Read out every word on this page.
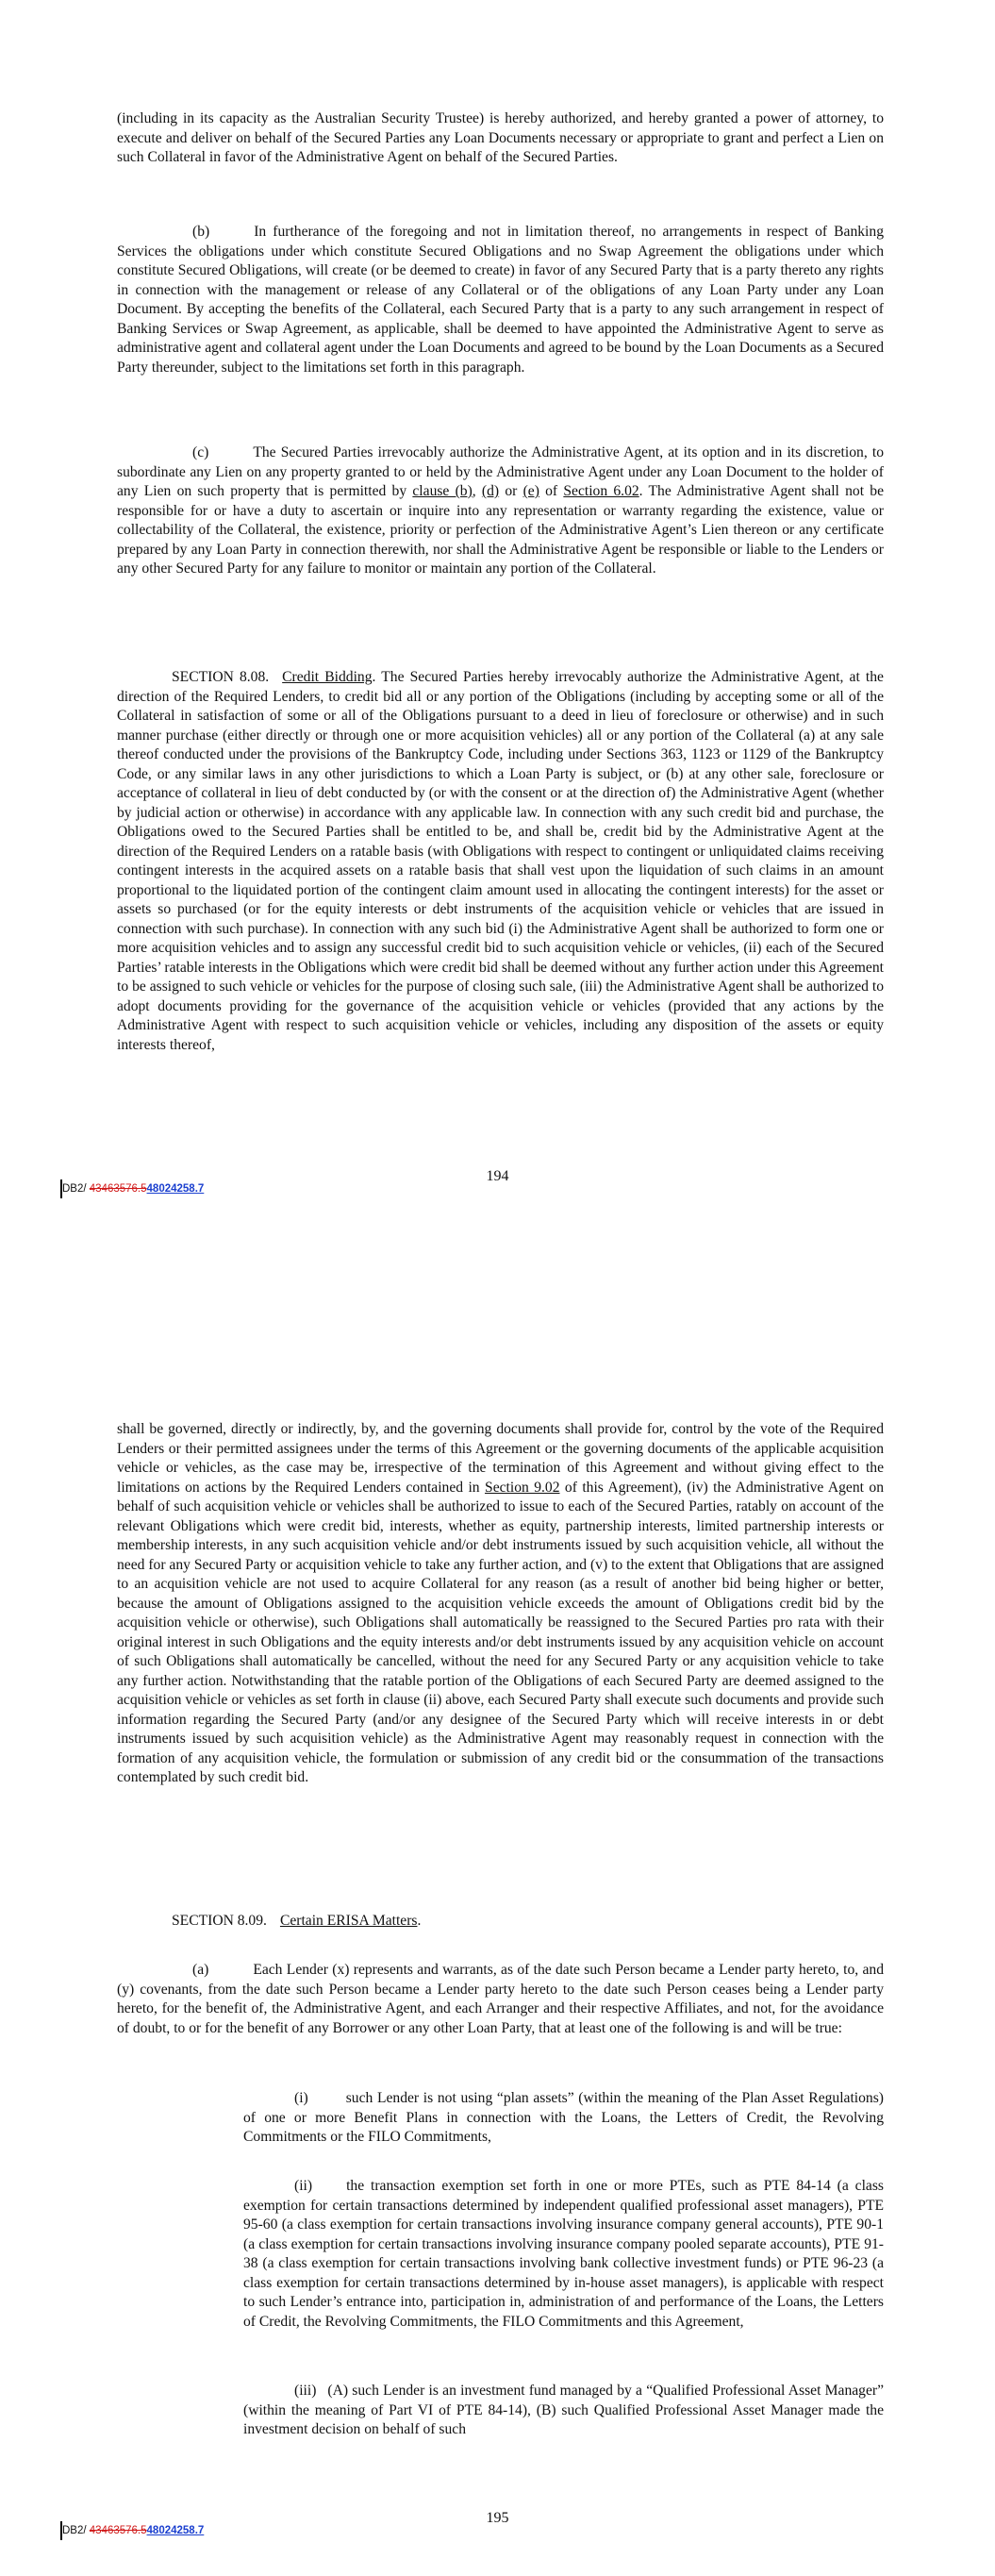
(including in its capacity as the Australian Security Trustee) is hereby authorized, and hereby granted a power of attorney, to execute and deliver on behalf of the Secured Parties any Loan Documents necessary or appropriate to grant and perfect a Lien on such Collateral in favor of the Administrative Agent on behalf of the Secured Parties.

(b)	In furtherance of the foregoing and not in limitation thereof, no arrangements in respect of Banking Services the obligations under which constitute Secured Obligations and no Swap Agreement the obligations under which constitute Secured Obligations, will create (or be deemed to create) in favor of any Secured Party that is a party thereto any rights in connection with the management or release of any Collateral or of the obligations of any Loan Party under any Loan Document. By accepting the benefits of the Collateral, each Secured Party that is a party to any such arrangement in respect of Banking Services or Swap Agreement, as applicable, shall be deemed to have appointed the Administrative Agent to serve as administrative agent and collateral agent under the Loan Documents and agreed to be bound by the Loan Documents as a Secured Party thereunder, subject to the limitations set forth in this paragraph.

(c)	The Secured Parties irrevocably authorize the Administrative Agent, at its option and in its discretion, to subordinate any Lien on any property granted to or held by the Administrative Agent under any Loan Document to the holder of any Lien on such property that is permitted by clause (b), (d) or (e) of Section 6.02. The Administrative Agent shall not be responsible for or have a duty to ascertain or inquire into any representation or warranty regarding the existence, value or collectability of the Collateral, the existence, priority or perfection of the Administrative Agent’s Lien thereon or any certificate prepared by any Loan Party in connection therewith, nor shall the Administrative Agent be responsible or liable to the Lenders or any other Secured Party for any failure to monitor or maintain any portion of the Collateral.

SECTION 8.08. Credit Bidding. The Secured Parties hereby irrevocably authorize the Administrative Agent, at the direction of the Required Lenders, to credit bid all or any portion of the Obligations (including by accepting some or all of the Collateral in satisfaction of some or all of the Obligations pursuant to a deed in lieu of foreclosure or otherwise) and in such manner purchase (either directly or through one or more acquisition vehicles) all or any portion of the Collateral (a) at any sale thereof conducted under the provisions of the Bankruptcy Code, including under Sections 363, 1123 or 1129 of the Bankruptcy Code, or any similar laws in any other jurisdictions to which a Loan Party is subject, or (b) at any other sale, foreclosure or acceptance of collateral in lieu of debt conducted by (or with the consent or at the direction of) the Administrative Agent (whether by judicial action or otherwise) in accordance with any applicable law. In connection with any such credit bid and purchase, the Obligations owed to the Secured Parties shall be entitled to be, and shall be, credit bid by the Administrative Agent at the direction of the Required Lenders on a ratable basis (with Obligations with respect to contingent or unliquidated claims receiving contingent interests in the acquired assets on a ratable basis that shall vest upon the liquidation of such claims in an amount proportional to the liquidated portion of the contingent claim amount used in allocating the contingent interests) for the asset or assets so purchased (or for the equity interests or debt instruments of the acquisition vehicle or vehicles that are issued in connection with such purchase). In connection with any such bid (i) the Administrative Agent shall be authorized to form one or more acquisition vehicles and to assign any successful credit bid to such acquisition vehicle or vehicles, (ii) each of the Secured Parties’ ratable interests in the Obligations which were credit bid shall be deemed without any further action under this Agreement to be assigned to such vehicle or vehicles for the purpose of closing such sale, (iii) the Administrative Agent shall be authorized to adopt documents providing for the governance of the acquisition vehicle or vehicles (provided that any actions by the Administrative Agent with respect to such acquisition vehicle or vehicles, including any disposition of the assets or equity interests thereof,

194
DB2/ 43463576.548024258.7

shall be governed, directly or indirectly, by, and the governing documents shall provide for, control by the vote of the Required Lenders or their permitted assignees under the terms of this Agreement or the governing documents of the applicable acquisition vehicle or vehicles, as the case may be, irrespective of the termination of this Agreement and without giving effect to the limitations on actions by the Required Lenders contained in Section 9.02 of this Agreement), (iv) the Administrative Agent on behalf of such acquisition vehicle or vehicles shall be authorized to issue to each of the Secured Parties, ratably on account of the relevant Obligations which were credit bid, interests, whether as equity, partnership interests, limited partnership interests or membership interests, in any such acquisition vehicle and/or debt instruments issued by such acquisition vehicle, all without the need for any Secured Party or acquisition vehicle to take any further action, and (v) to the extent that Obligations that are assigned to an acquisition vehicle are not used to acquire Collateral for any reason (as a result of another bid being higher or better, because the amount of Obligations assigned to the acquisition vehicle exceeds the amount of Obligations credit bid by the acquisition vehicle or otherwise), such Obligations shall automatically be reassigned to the Secured Parties pro rata with their original interest in such Obligations and the equity interests and/or debt instruments issued by any acquisition vehicle on account of such Obligations shall automatically be cancelled, without the need for any Secured Party or any acquisition vehicle to take any further action. Notwithstanding that the ratable portion of the Obligations of each Secured Party are deemed assigned to the acquisition vehicle or vehicles as set forth in clause (ii) above, each Secured Party shall execute such documents and provide such information regarding the Secured Party (and/or any designee of the Secured Party which will receive interests in or debt instruments issued by such acquisition vehicle) as the Administrative Agent may reasonably request in connection with the formation of any acquisition vehicle, the formulation or submission of any credit bid or the consummation of the transactions contemplated by such credit bid.

SECTION 8.09. Certain ERISA Matters.

(a)	Each Lender (x) represents and warrants, as of the date such Person became a Lender party hereto, to, and (y) covenants, from the date such Person became a Lender party hereto to the date such Person ceases being a Lender party hereto, for the benefit of, the Administrative Agent, and each Arranger and their respective Affiliates, and not, for the avoidance of doubt, to or for the benefit of any Borrower or any other Loan Party, that at least one of the following is and will be true:

(i)	such Lender is not using “plan assets” (within the meaning of the Plan Asset Regulations) of one or more Benefit Plans in connection with the Loans, the Letters of Credit, the Revolving Commitments or the FILO Commitments,

(ii) the transaction exemption set forth in one or more PTEs, such as PTE 84-14 (a class exemption for certain transactions determined by independent qualified professional asset managers), PTE 95-60 (a class exemption for certain transactions involving insurance company general accounts), PTE 90-1 (a class exemption for certain transactions involving insurance company pooled separate accounts), PTE 91-38 (a class exemption for certain transactions involving bank collective investment funds) or PTE 96-23 (a class exemption for certain transactions determined by in-house asset managers), is applicable with respect to such Lender’s entrance into, participation in, administration of and performance of the Loans, the Letters of Credit, the Revolving Commitments, the FILO Commitments and this Agreement,

(iii) (A) such Lender is an investment fund managed by a “Qualified Professional Asset Manager” (within the meaning of Part VI of PTE 84-14), (B) such Qualified Professional Asset Manager made the investment decision on behalf of such

195
DB2/ 43463576.548024258.7
